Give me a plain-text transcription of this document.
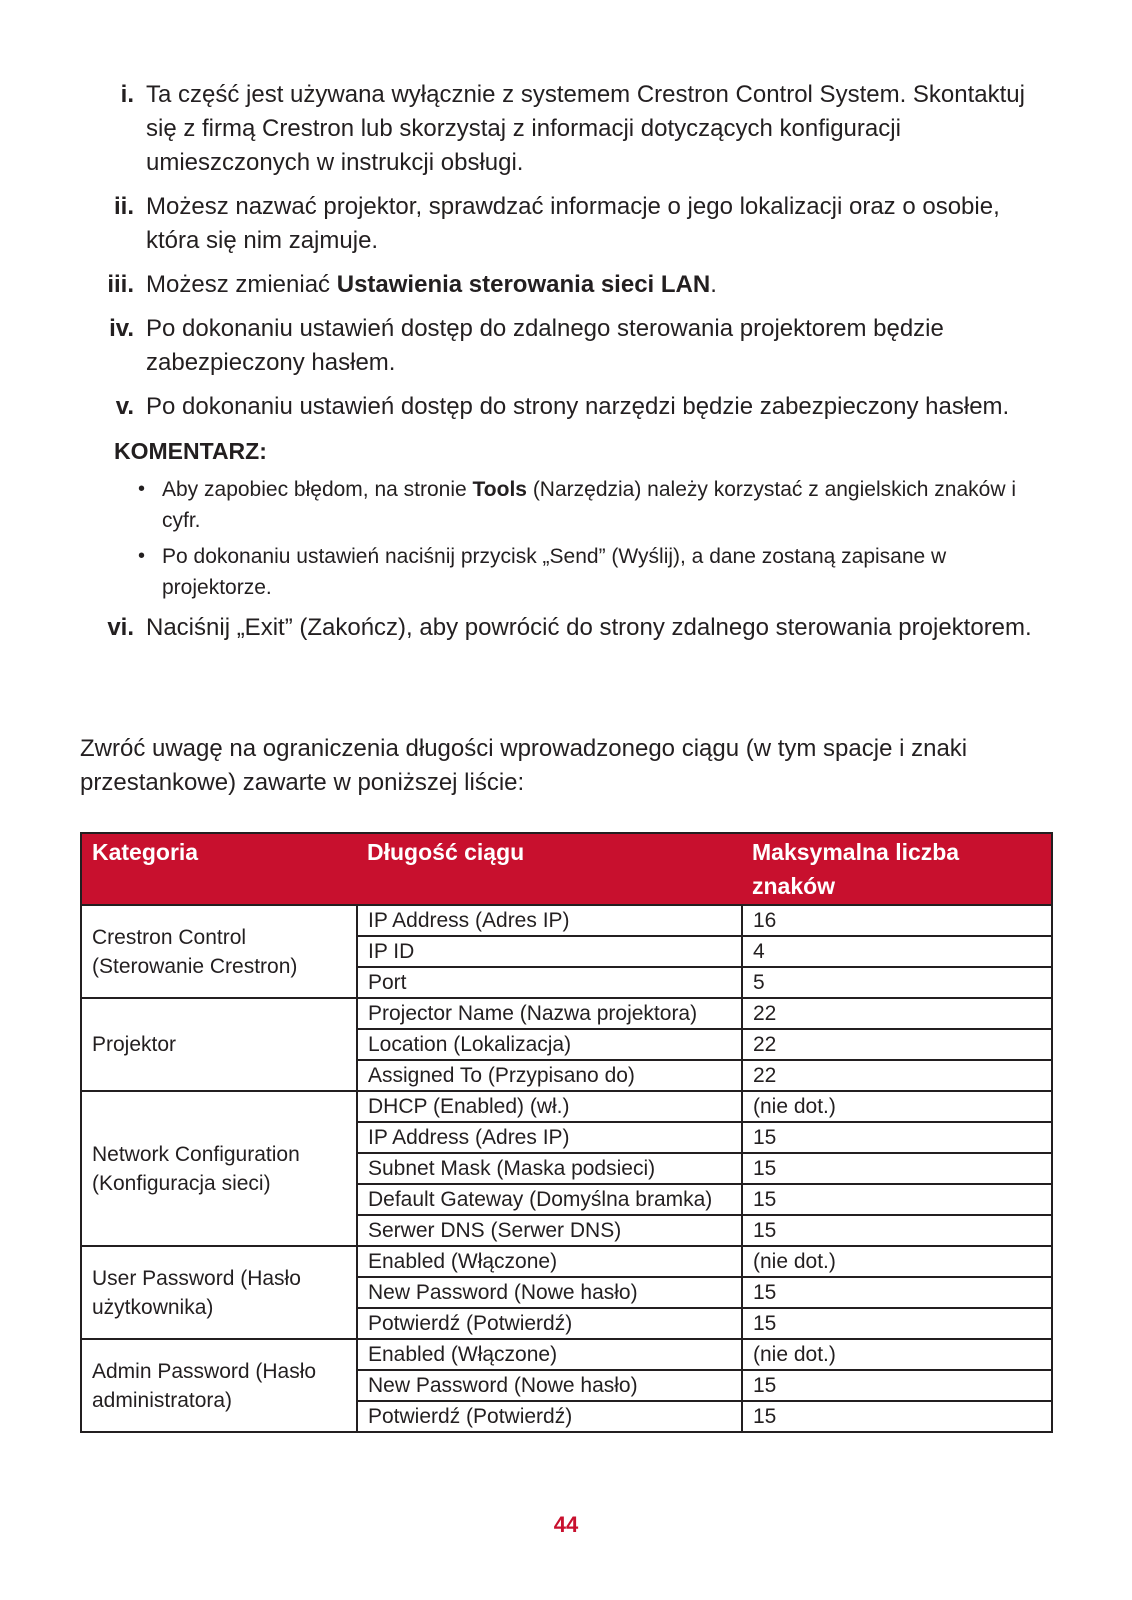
i. Ta część jest używana wyłącznie z systemem Crestron Control System. Skontaktuj się z firmą Crestron lub skorzystaj z informacji dotyczących konfiguracji umieszczonych w instrukcji obsługi.
ii. Możesz nazwać projektor, sprawdzać informacje o jego lokalizacji oraz o osobie, która się nim zajmuje.
iii. Możesz zmieniać Ustawienia sterowania sieci LAN.
iv. Po dokonaniu ustawień dostęp do zdalnego sterowania projektorem będzie zabezpieczony hasłem.
v. Po dokonaniu ustawień dostęp do strony narzędzi będzie zabezpieczony hasłem.
KOMENTARZ:
• Aby zapobiec błędom, na stronie Tools (Narzędzia) należy korzystać z angielskich znaków i cyfr.
• Po dokonaniu ustawień naciśnij przycisk „Send” (Wyślij), a dane zostaną zapisane w projektorze.
vi. Naciśnij „Exit” (Zakończ), aby powrócić do strony zdalnego sterowania projektorem.

Zwróć uwagę na ograniczenia długości wprowadzonego ciągu (w tym spacje i znaki przestankowe) zawarte w poniższej liście:

Kategoria	Długość ciągu	Maksymalna liczba znaków
Crestron Control (Sterowanie Crestron)	IP Address (Adres IP)	16
	IP ID	4
	Port	5
Projektor	Projector Name (Nazwa projektora)	22
	Location (Lokalizacja)	22
	Assigned To (Przypisano do)	22
Network Configuration (Konfiguracja sieci)	DHCP (Enabled) (wł.)	(nie dot.)
	IP Address (Adres IP)	15
	Subnet Mask (Maska podsieci)	15
	Default Gateway (Domyślna bramka)	15
	Serwer DNS (Serwer DNS)	15
User Password (Hasło użytkownika)	Enabled (Włączone)	(nie dot.)
	New Password (Nowe hasło)	15
	Potwierdź (Potwierdź)	15
Admin Password (Hasło administratora)	Enabled (Włączone)	(nie dot.)
	New Password (Nowe hasło)	15
	Potwierdź (Potwierdź)	15
44
